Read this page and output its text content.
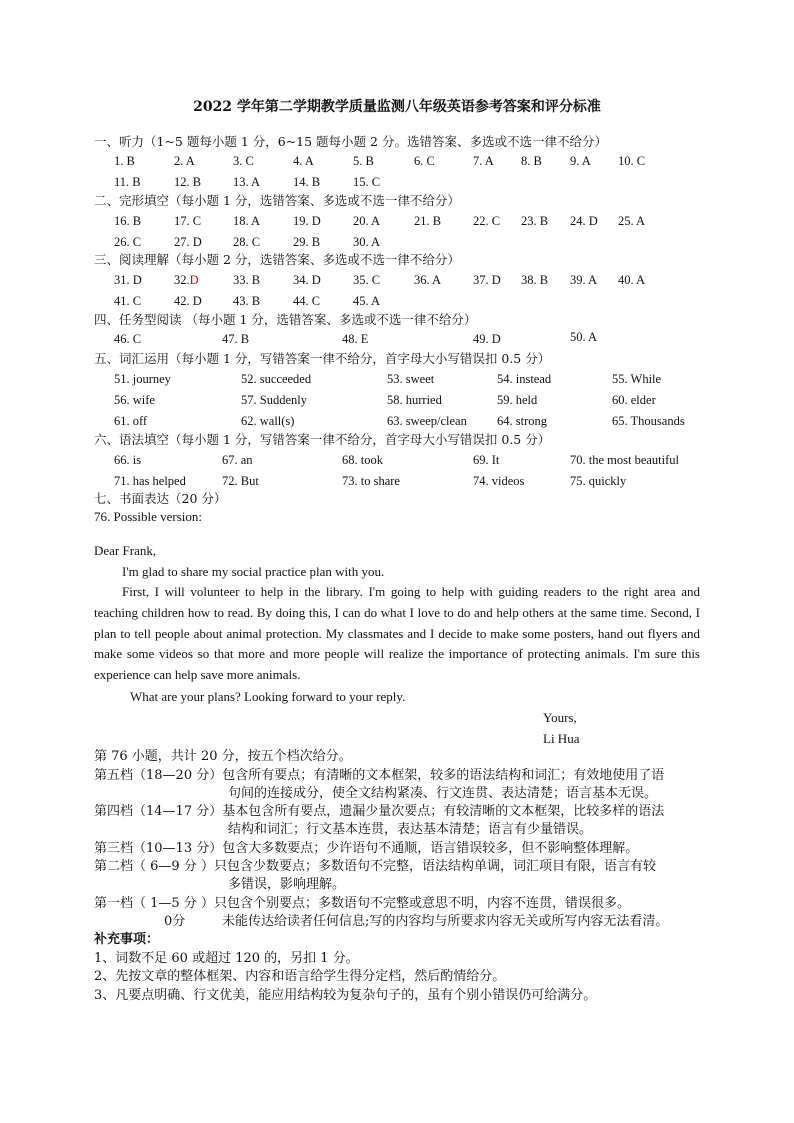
2022 学年第二学期教学质量监测八年级英语参考答案和评分标准
一、听力（1~5 题每小题 1 分，6~15 题每小题 2 分。选错答案、多选或不选一律不给分）
1. B	2. A	3. C	4. A	5. B	6. C	7. A 8. B 9. A 10. C
11. B	12. B	13. A	14. B	15. C
二、完形填空（每小题 1 分，选错答案、多选或不选一律不给分）
16. B	17. C	18. A	19. D	20. A	21. B	22. C 23. B 24. D 25. A
26. C	27. D 28. C	29. B	30. A
三、阅读理解（每小题 2 分，选错答案、多选或不选一律不给分）
31. D	32.D	33. B	34. D	35. C	36. A	37. D 38. B 39. A 40. A
41. C	42. D 43. B	44. C	45. A
四、任务型阅读 （每小题 1 分，选错答案、多选或不选一律不给分）
46. C	47. B	48. E	49. D	50. A
五、词汇运用（每小题 1 分，写错答案一律不给分，首字母大小写错误扣 0.5 分）
51. journey	52. succeeded	53. sweet	54. instead	55. While
56. wife	57. Suddenly	58. hurried	59. held	60. elder
61. off	62. wall(s)	63. sweep/clean 64. strong	65. Thousands
六、语法填空（每小题 1 分，写错答案一律不给分，首字母大小写错误扣 0.5 分）
66. is	67. an	68. took	69. It	70. the most beautiful
71. has helped	72. But	73. to share	74. videos	75. quickly
七、书面表达（20 分）
76. Possible version:
Dear Frank,
I'm glad to share my social practice plan with you.
First, I will volunteer to help in the library. I'm going to help with guiding readers to the right area and teaching children how to read. By doing this, I can do what I love to do and help others at the same time. Second, I plan to tell people about animal protection. My classmates and I decide to make some posters, hand out flyers and make some videos so that more and more people will realize the importance of protecting animals. I'm sure this experience can help save more animals.
What are your plans? Looking forward to your reply.
Yours,
Li Hua
第 76 小题，共计 20 分，按五个档次给分。
第五档（18—20 分）包含所有要点；有清晰的文本框架，较多的语法结构和词汇；有效地使用了语
句间的连接成分，使全文结构紧凑、行文连贯、表达清楚；语言基本无误。
第四档（14—17 分）基本包含所有要点，遗漏少量次要点；有较清晰的文本框架，比较多样的语法
结构和词汇；行文基本连贯，表达基本清楚；语言有少量错误。
第三档（10—13 分）包含大多数要点；少许语句不通顺，语言错误较多，但不影响整体理解。
第二档（ 6—9 分 ）只包含少数要点；多数语句不完整，语法结构单调，词汇项目有限，语言有较
多错误，影响理解。
第一档（ 1—5 分 ）只包含个别要点；多数语句不完整或意思不明，内容不连贯，错误很多。
0分	未能传达给读者任何信息;写的内容均与所要求内容无关或所写内容无法看清。
补充事项：
1、词数不足 60 或超过 120 的，另扣 1 分。
2、先按文章的整体框架、内容和语言给学生得分定档，然后酌情给分。
3、凡要点明确、行文优美，能应用结构较为复杂句子的，虽有个别小错误仍可给满分。
